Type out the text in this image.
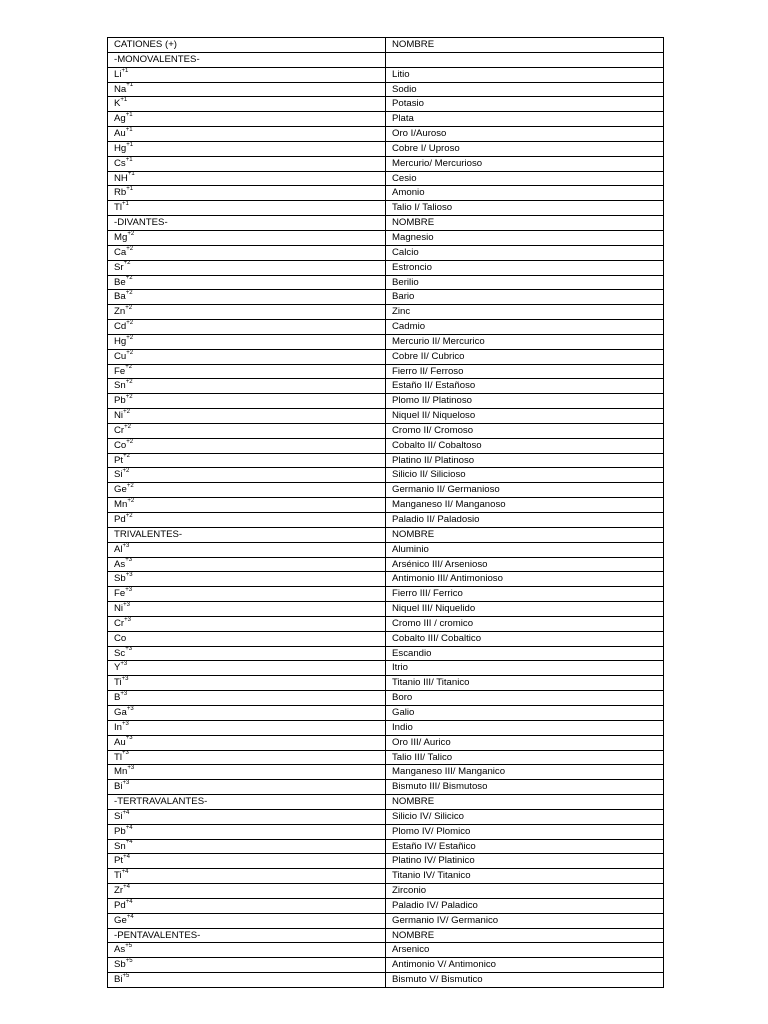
CATIONES (+)	NOMBRE
-MONOVALENTES-	
$Li^{+1}$	Litio
$Na^{+1}$	Sodio
$K^{+1}$	Potasio
$Ag^{+1}$	Plata
$Au^{+1}$	Oro I/Auroso
$Hg^{+1}$	Cobre I/ Uproso
$Cs^{+1}$	Mercurio/ Mercurioso
$NH^{+1}$	Cesio
$Rb^{+1}$	Amonio
$Tl^{+1}$	Talio I/ Talioso
-DIVANTES-	NOMBRE
$Mg^{+2}$	Magnesio
$Ca^{+2}$	Calcio
$Sr^{+2}$	Estroncio
$Be^{+2}$	Berilio
$Ba^{+2}$	Bario
$Zn^{+2}$	Zinc
$Cd^{+2}$	Cadmio
$Hg^{+2}$	Mercurio II/ Mercurico
$Cu^{+2}$	Cobre II/ Cubrico
$Fe^{+2}$	Fierro II/ Ferroso
$Sn^{+2}$	Estaño II/ Estañoso
$Pb^{+2}$	Plomo II/ Platinoso
$Ni^{+2}$	Niquel II/ Niqueloso
$Cr^{+2}$	Cromo II/ Cromoso
$Co^{+2}$	Cobalto II/ Cobaltoso
$Pt^{+2}$	Platino II/ Platinoso
$Si^{+2}$	Silicio II/ Silicioso
$Ge^{+2}$	Germanio II/ Germanioso
$Mn^{+2}$	Manganeso II/ Manganoso
$Pd^{+2}$	Paladio II/ Paladosio
TRIVALENTES-	NOMBRE
$Al^{+3}$	Aluminio
$As^{+3}$	Arsénico III/ Arsenioso
$Sb^{+3}$	Antimonio III/ Antimonioso
$Fe^{+3}$	Fierro III/ Ferrico
$Ni^{+3}$	Niquel III/ Niquelido
$Cr^{+3}$	Cromo III / cromico
Co	Cobalto III/ Cobaltico
$Sc^{+3}$	Escandio
$Y^{+3}$	Itrio
$Ti^{+3}$	Titanio III/ Titanico
$B^{+3}$	Boro
$Ga^{+3}$	Galio
$In^{+3}$	Indio
$Au^{+3}$	Oro III/ Aurico
$Tl^{+3}$	Talio III/ Talico
$Mn^{+3}$	Manganeso III/ Manganico
$Bi^{+3}$	Bismuto III/ Bismutoso
-TERTRAVALANTES-	NOMBRE
$Si^{+4}$	Silicio IV/ Silicico
$Pb^{+4}$	Plomo IV/ Plomico
$Sn^{+4}$	Estaño IV/ Estañico
$Pt^{+4}$	Platino IV/ Platinico
$Ti^{+4}$	Titanio IV/ Titanico
$Zr^{+4}$	Zirconio
$Pd^{+4}$	Paladio IV/ Paladico
$Ge^{+4}$	Germanio IV/ Germanico
-PENTAVALENTES-	NOMBRE
$As^{+5}$	Arsenico
$Sb^{+5}$	Antimonio V/ Antimonico
$Bi^{+5}$	Bismuto V/ Bismutico
